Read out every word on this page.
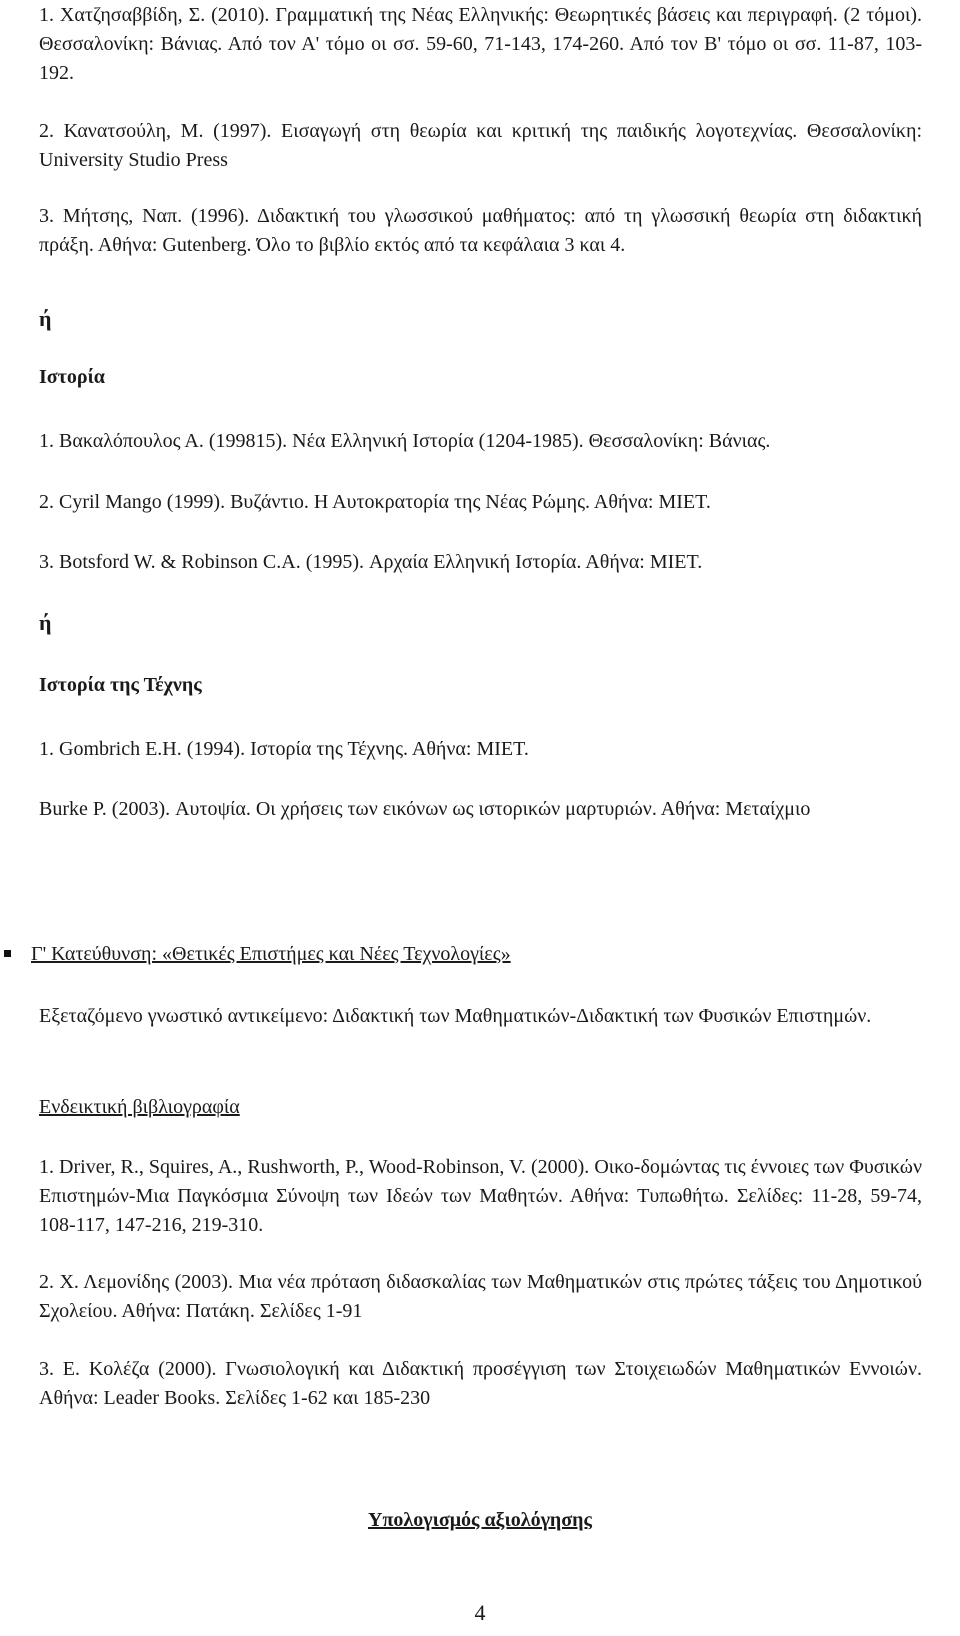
1. Χατζησαββίδη, Σ. (2010). Γραμματική της Νέας Ελληνικής: Θεωρητικές βάσεις και περιγραφή. (2 τόμοι). Θεσσαλονίκη: Βάνιας. Από τον Α' τόμο οι σσ. 59-60, 71-143, 174-260. Από τον Β' τόμο οι σσ. 11-87, 103-192.

2. Κανατσούλη, Μ. (1997). Εισαγωγή στη θεωρία και κριτική της παιδικής λογοτεχνίας. Θεσσαλονίκη: University Studio Press

3. Μήτσης, Ναπ. (1996). Διδακτική του γλωσσικού μαθήματος: από τη γλωσσική θεωρία στη διδακτική πράξη. Αθήνα: Gutenberg. Όλο το βιβλίο εκτός από τα κεφάλαια 3 και 4.

ή
Ιστορία

1. Βακαλόπουλος Α. (199815). Νέα Ελληνική Ιστορία (1204-1985). Θεσσαλονίκη: Βάνιας.

2. Cyril Mango (1999). Βυζάντιο. Η Αυτοκρατορία της Νέας Ρώμης. Αθήνα: ΜΙΕΤ.

3. Botsford W. & Robinson C.A. (1995). Αρχαία Ελληνική Ιστορία. Αθήνα: ΜΙΕΤ.

ή
Ιστορία της Τέχνης

1. Gombrich E.H. (1994). Ιστορία της Τέχνης. Αθήνα: ΜΙΕΤ.

Burke P. (2003). Αυτοψία. Οι χρήσεις των εικόνων ως ιστορικών μαρτυριών. Αθήνα: Μεταίχμιο

Γ' Κατεύθυνση: «Θετικές Επιστήμες και Νέες Τεχνολογίες»

Εξεταζόμενο γνωστικό αντικείμενο: Διδακτική των Μαθηματικών-Διδακτική των Φυσικών Επιστημών.

Ενδεικτική βιβλιογραφία

1. Driver, R., Squires, A., Rushworth, P., Wood-Robinson, V. (2000). Οικο-δομώντας τις έννοιες των Φυσικών Επιστημών-Μια Παγκόσμια Σύνοψη των Ιδεών των Μαθητών. Αθήνα: Τυπωθήτω. Σελίδες: 11-28, 59-74, 108-117, 147-216, 219-310.

2. Χ. Λεμονίδης (2003). Μια νέα πρόταση διδασκαλίας των Μαθηματικών στις πρώτες τάξεις του Δημοτικού Σχολείου. Αθήνα: Πατάκη. Σελίδες 1-91

3. Ε. Κολέζα (2000). Γνωσιολογική και Διδακτική προσέγγιση των Στοιχειωδών Μαθηματικών Εννοιών. Αθήνα: Leader Books. Σελίδες 1-62 και 185-230

Υπολογισμός αξιολόγησης
4
